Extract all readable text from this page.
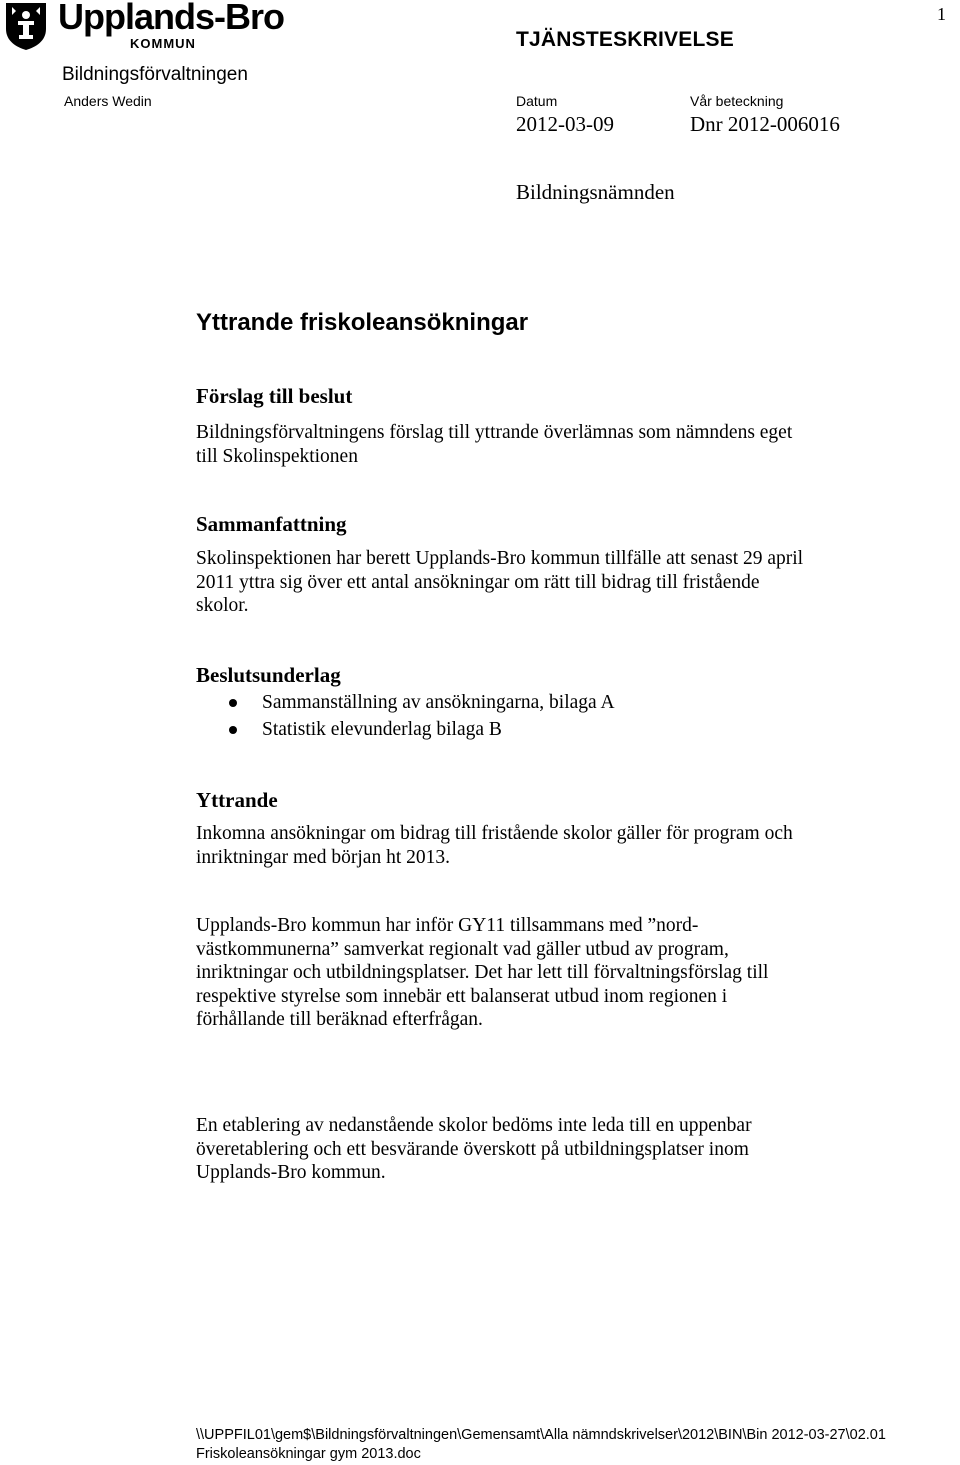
Upplands-Bro
KOMMUN
1
TJÄNSTESKRIVELSE
Bildningsförvaltningen
Anders Wedin	Datum
2012-03-09
Vår beteckning
Dnr 2012-006016
Bildningsnämnden
Yttrande friskoleansökningar
Förslag till beslut
Bildningsförvaltningens förslag till yttrande överlämnas som nämndens eget
till Skolinspektionen
Sammanfattning
Skolinspektionen har berett Upplands-Bro kommun tillfälle att senast 29 april
2011 yttra sig över ett antal ansökningar om rätt till bidrag till fristående
skolor.
Beslutsunderlag
Sammanställning av ansökningarna, bilaga A
Statistik elevunderlag bilaga B
Yttrande
Inkomna ansökningar om bidrag till fristående skolor gäller för program och
inriktningar med början ht 2013.
Upplands-Bro kommun har inför GY11 tillsammans med ”nord-
västkommunerna” samverkat regionalt vad gäller utbud av program,
inriktningar och utbildningsplatser. Det har lett till förvaltningsförslag till
respektive styrelse som innebär ett balanserat utbud inom regionen i
förhållande till beräknad efterfrågan.
En etablering av nedanstående skolor bedöms inte leda till en uppenbar
överetablering och ett besvärande överskott på utbildningsplatser inom
Upplands-Bro kommun.
\\UPPFIL01\gem$\Bildningsförvaltningen\Gemensamt\Alla nämndskrivelser\2012\BIN\Bin 2012-03-27\02.01
Friskoleansökningar gym 2013.doc
